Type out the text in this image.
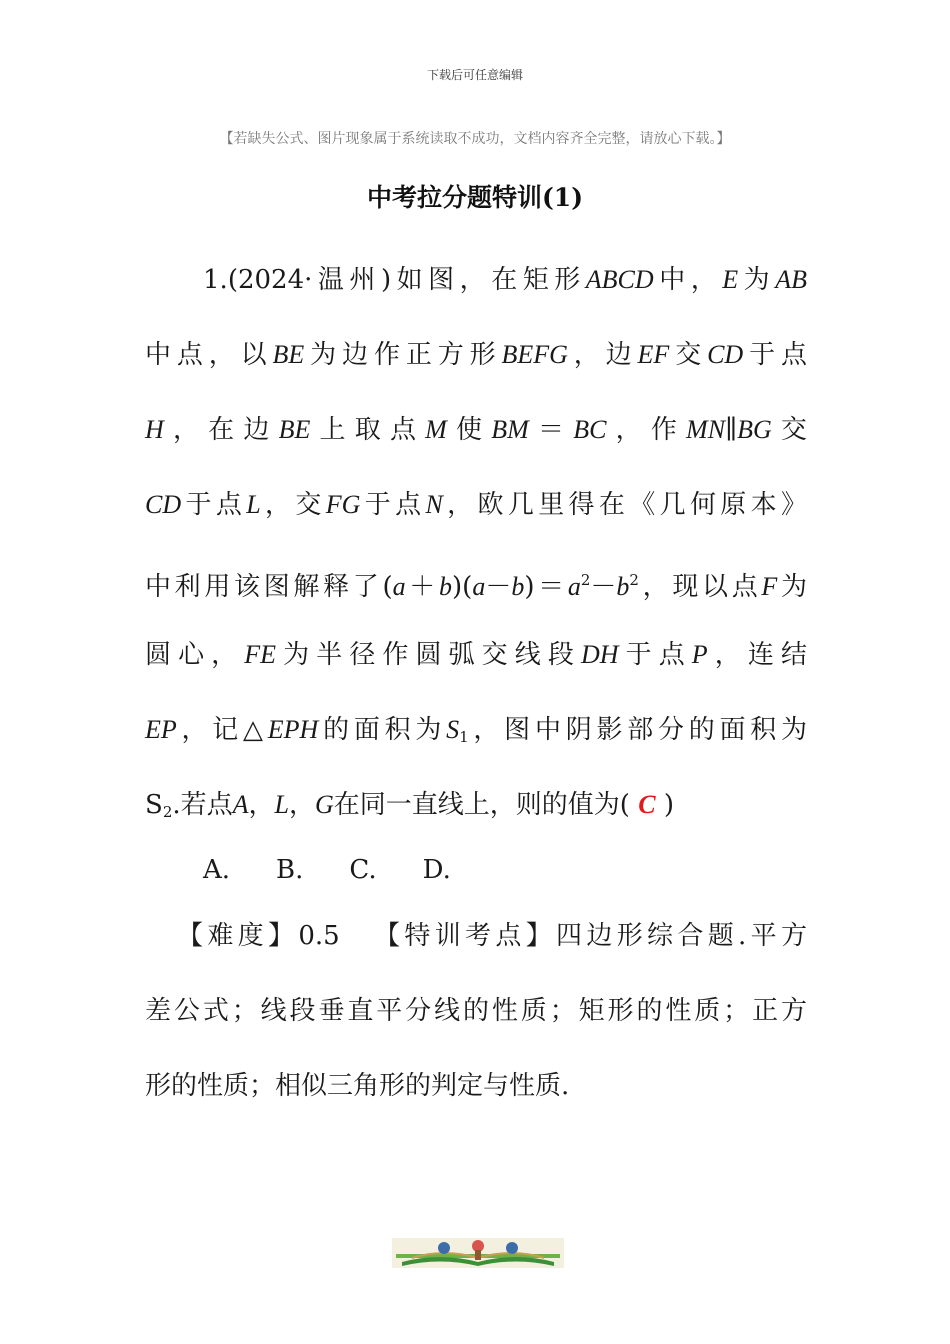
下载后可任意编辑
【若缺失公式、图片现象属于系统读取不成功，文档内容齐全完整，请放心下载。】
中考拉分题特训(1)
1.(2024·温州)如图，在矩形ABCD中，E为AB
中点，以BE为边作正方形BEFG，边EF交CD于点
H，在边BE上取点M使BM＝BC，作MN∥BG交
CD于点L，交FG于点N，欧几里得在《几何原本》
中利用该图解释了$(a+b)(a-b)=a^2-b^2$，现以点F为
圆心，FE为半径作圆弧交线段DH于点P，连结
EP，记△EPH的面积为$S_1$，图中阴影部分的面积为
$S_2$.若点A，L，G在同一直线上，则的值为( C )
A. B. C. D.
【难度】0.5 【特训考点】四边形综合题.平方
差公式；线段垂直平分线的性质；矩形的性质；正方
形的性质；相似三角形的判定与性质.
